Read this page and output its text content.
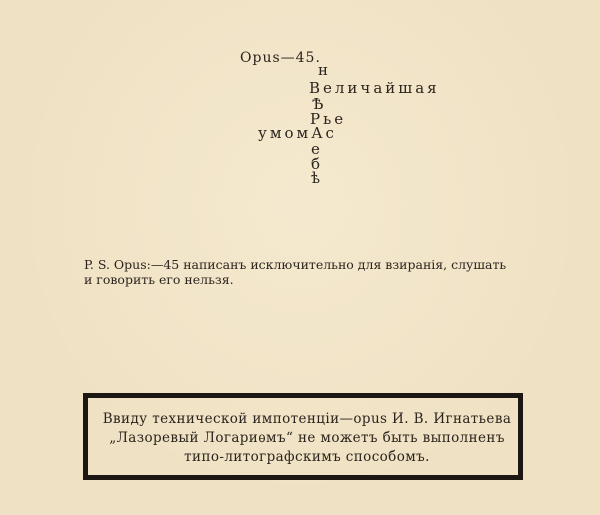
Opus—45.
н
Величайшая
Ѣ
Рье
умомАс
е
б
ѣ
P. S. Opus:—45 написанъ исключительно для взиранія, слушать
и говорить его нельзя.
Ввиду технической импотенціи—opus И. В. Игнатьева
„Лазоревый Логариѳмъ“ не можетъ быть выполненъ
типо-литографскимъ способомъ.
